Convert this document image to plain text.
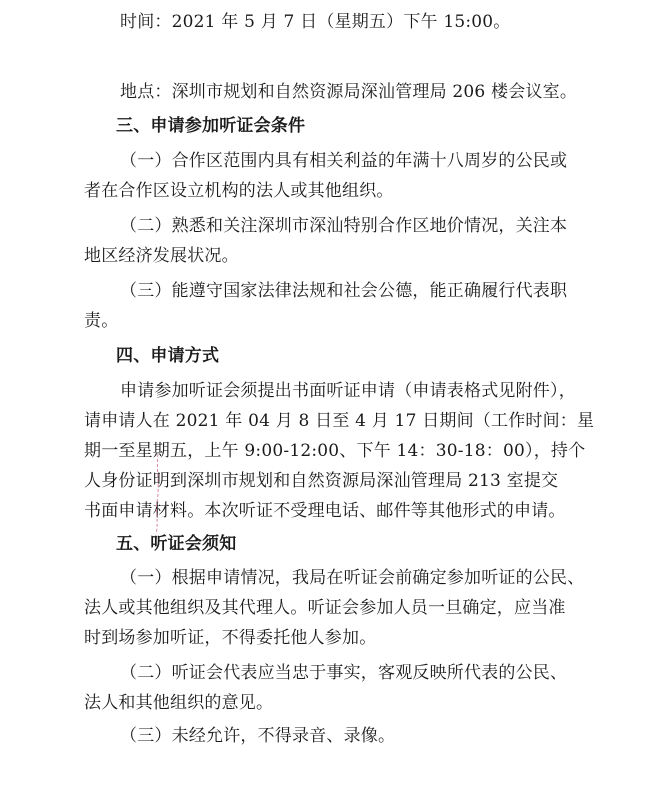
时间：2021 年 5 月 7 日（星期五）下午 15:00。
地点：深圳市规划和自然资源局深汕管理局 206 楼会议室。
三、申请参加听证会条件
（一）合作区范围内具有相关利益的年满十八周岁的公民或
者在合作区设立机构的法人或其他组织。
（二）熟悉和关注深圳市深汕特别合作区地价情况，关注本
地区经济发展状况。
（三）能遵守国家法律法规和社会公德，能正确履行代表职
责。
四、申请方式
申请参加听证会须提出书面听证申请（申请表格式见附件），
请申请人在 2021 年 04 月 8 日至 4 月 17 日期间（工作时间：星
期一至星期五，上午 9:00-12:00、下午 14：30-18：00），持个
人身份证明到深圳市规划和自然资源局深汕管理局 213 室提交
书面申请材料。本次听证不受理电话、邮件等其他形式的申请。
五、听证会须知
（一）根据申请情况，我局在听证会前确定参加听证的公民、
法人或其他组织及其代理人。听证会参加人员一旦确定，应当准
时到场参加听证，不得委托他人参加。
（二）听证会代表应当忠于事实，客观反映所代表的公民、
法人和其他组织的意见。
（三）未经允许，不得录音、录像。
